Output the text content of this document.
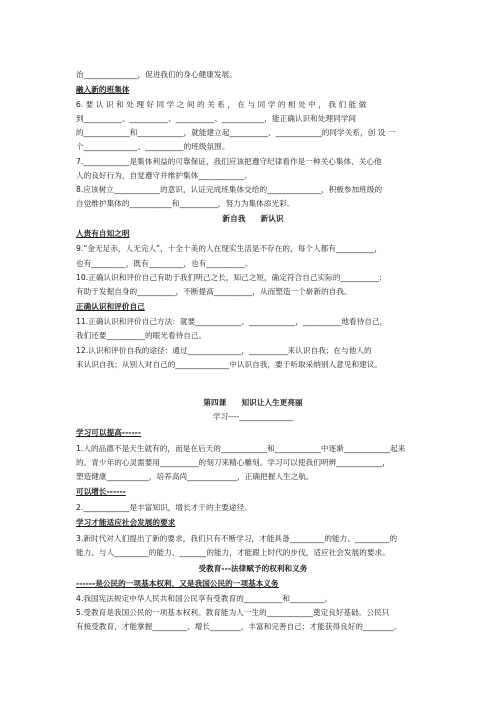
治______________，促进我们的身心健康发展。
融入新的班集体
6. 要 认 识 和 处 理 好 同 学 之 间 的 关 系 ， 在 与 同 学 的 相 处 中 ， 我 们 能 做
到__________、__________、__________、___________，能正确认识和处理同学间
的____________和____________，就能建立起__________、____________的同学关系，创 设 一
个______________、__________的班级氛围。
7.____________是集体利益的可靠保证，我们应该把遵守纪律看作是一种关心集体、关心他
人的良好行为，自觉遵守并维护集体____________。
8.应该树立____________的意识，认证完成班集体交给的______________，积极参加班级的
自觉维护集体的___________和__________，努力为集体添光彩。
新自我　　新认识
人贵有自知之明
9.“金无足赤，人无完人”，十全十美的人在现实生活是不存在的，每个人都有__________，
也有_________，既有_________，也有__________。
10.正确认识和评价自己有助于我们明己之长，知己之短，确定符合自己实际的__________；
有助于发掘自身的__________，不断提高__________，从而塑造一个崭新的自我。
正确认识和评价自己
11.正确认识和评价自己方法：就要____________、____________，__________地看待自己，
我们还要__________的眼光看待自己。
12.认识和评价自我的途径：通过______________，__________来认识自我；在与他人的
来认识自我；从别人对自己的______________中认识自我，要于听取采纳别人意见和建议。
第四课　　知识让人生更亮丽
学习----______________
学习可以提高------
1.人的品德不是天生就有的，而是在后天的____________和____________中逐渐____________起来
的。青少年的心灵需要用__________的刻刀来精心雕刻。学习可以使我们明辨____________，
塑造健康___________，培养高尚_____________，正确把握人生之航。
可以增长------
2.____________是丰富知识，增长才干的主要途径。
学习才能适应社会发展的要求
3.新时代对人们提出了新的要求，我们只有不断学习，才能具备_________的能力、_________的
能力、与人_________的能力、_______的能力，才能跟上时代的步伐，适应社会发展的要求。
受教育---法律赋予的权利和义务
------是公民的一项基本权利，又是我国公民的一项基本义务
4.我国宪法规定中华人民共和国公民享有受教育的__________和_________。
5.受教育是我国公民的一项基本权利。教育能为人一生的____________奠定良好基础。公民只
有接受教育，才能掌握_________、增长________，丰富和完善自己；才能获得良好的________。
